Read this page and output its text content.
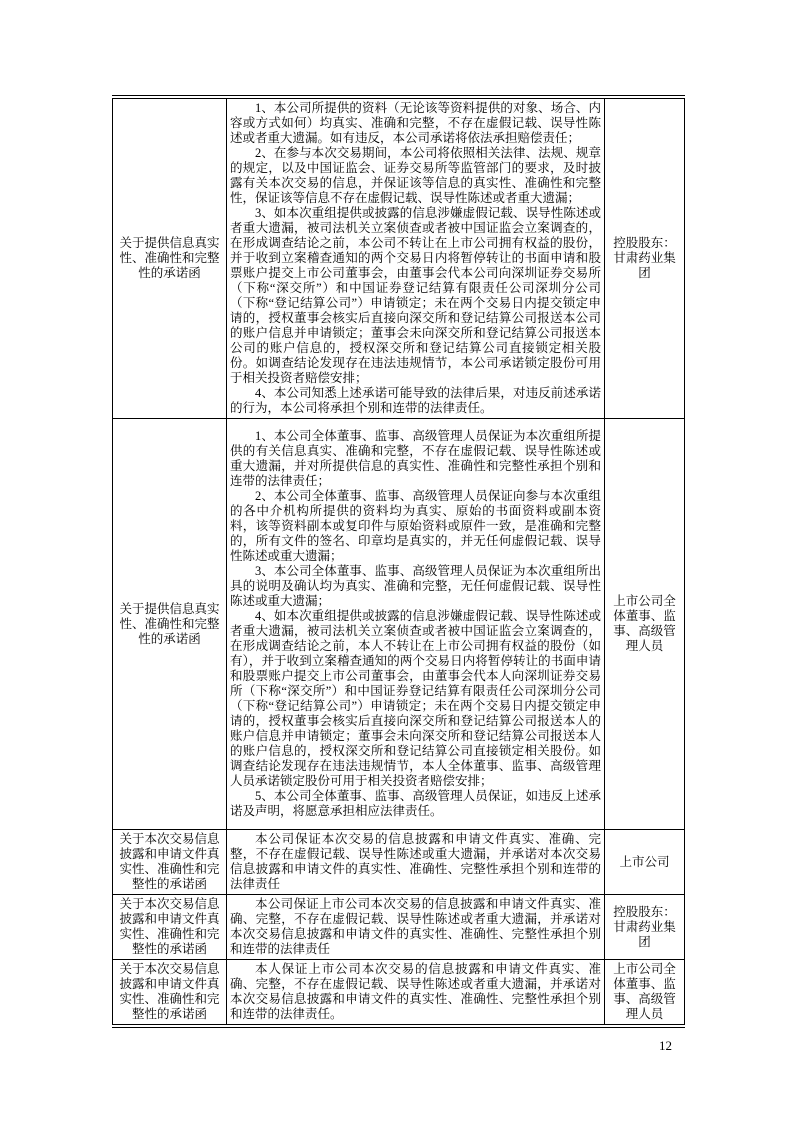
关于提供信息真实性、准确性和完整性的承诺函	1、本公司所提供的资料（无论该等资料提供的对象、场合、内容或方式如何）均真实、准确和完整，不存在虚假记载、误导性陈述或者重大遗漏。如有违反，本公司承诺将依法承担赔偿责任；

2、在参与本次交易期间，本公司将依照相关法律、法规、规章的规定，以及中国证监会、证券交易所等监管部门的要求，及时披露有关本次交易的信息，并保证该等信息的真实性、准确性和完整性，保证该等信息不存在虚假记载、误导性陈述或者重大遗漏；

3、如本次重组提供或披露的信息涉嫌虚假记载、误导性陈述或者重大遗漏，被司法机关立案侦查或者被中国证监会立案调查的，在形成调查结论之前，本公司不转让在上市公司拥有权益的股份，并于收到立案稽查通知的两个交易日内将暂停转让的书面申请和股票账户提交上市公司董事会，由董事会代本公司向深圳证券交易所（下称“深交所”）和中国证券登记结算有限责任公司深圳分公司（下称“登记结算公司”）申请锁定；未在两个交易日内提交锁定申请的，授权董事会核实后直接向深交所和登记结算公司报送本公司的账户信息并申请锁定；董事会未向深交所和登记结算公司报送本公司的账户信息的，授权深交所和登记结算公司直接锁定相关股份。如调查结论发现存在违法违规情节，本公司承诺锁定股份可用于相关投资者赔偿安排；

4、本公司知悉上述承诺可能导致的法律后果，对违反前述承诺的行为，本公司将承担个别和连带的法律责任。	控股股东：甘肃药业集团
关于提供信息真实性、准确性和完整性的承诺函	1、本公司全体董事、监事、高级管理人员保证为本次重组所提供的有关信息真实、准确和完整，不存在虚假记载、误导性陈述或重大遗漏，并对所提供信息的真实性、准确性和完整性承担个别和连带的法律责任；

2、本公司全体董事、监事、高级管理人员保证向参与本次重组的各中介机构所提供的资料均为真实、原始的书面资料或副本资料，该等资料副本或复印件与原始资料或原件一致，是准确和完整的，所有文件的签名、印章均是真实的，并无任何虚假记载、误导性陈述或重大遗漏；

3、本公司全体董事、监事、高级管理人员保证为本次重组所出具的说明及确认均为真实、准确和完整，无任何虚假记载、误导性陈述或重大遗漏；

4、如本次重组提供或披露的信息涉嫌虚假记载、误导性陈述或者重大遗漏，被司法机关立案侦查或者被中国证监会立案调查的，在形成调查结论之前，本人不转让在上市公司拥有权益的股份（如有），并于收到立案稽查通知的两个交易日内将暂停转让的书面申请和股票账户提交上市公司董事会，由董事会代本人向深圳证券交易所（下称“深交所”）和中国证券登记结算有限责任公司深圳分公司（下称“登记结算公司”）申请锁定；未在两个交易日内提交锁定申请的，授权董事会核实后直接向深交所和登记结算公司报送本人的账户信息并申请锁定；董事会未向深交所和登记结算公司报送本人的账户信息的，授权深交所和登记结算公司直接锁定相关股份。如调查结论发现存在违法违规情节，本人全体董事、监事、高级管理人员承诺锁定股份可用于相关投资者赔偿安排；

5、本公司全体董事、监事、高级管理人员保证，如违反上述承诺及声明，将愿意承担相应法律责任。	上市公司全体董事、监事、高级管理人员
关于本次交易信息披露和申请文件真实性、准确性和完整性的承诺函	本公司保证本次交易的信息披露和申请文件真实、准确、完整，不存在虚假记载、误导性陈述或重大遗漏，并承诺对本次交易信息披露和申请文件的真实性、准确性、完整性承担个别和连带的法律责任	上市公司
关于本次交易信息披露和申请文件真实性、准确性和完整性的承诺函	本公司保证上市公司本次交易的信息披露和申请文件真实、准确、完整，不存在虚假记载、误导性陈述或者重大遗漏，并承诺对本次交易信息披露和申请文件的真实性、准确性、完整性承担个别和连带的法律责任	控股股东：甘肃药业集团
关于本次交易信息披露和申请文件真实性、准确性和完整性的承诺函	本人保证上市公司本次交易的信息披露和申请文件真实、准确、完整，不存在虚假记载、误导性陈述或者重大遗漏，并承诺对本次交易信息披露和申请文件的真实性、准确性、完整性承担个别和连带的法律责任。	上市公司全体董事、监事、高级管理人员
12
